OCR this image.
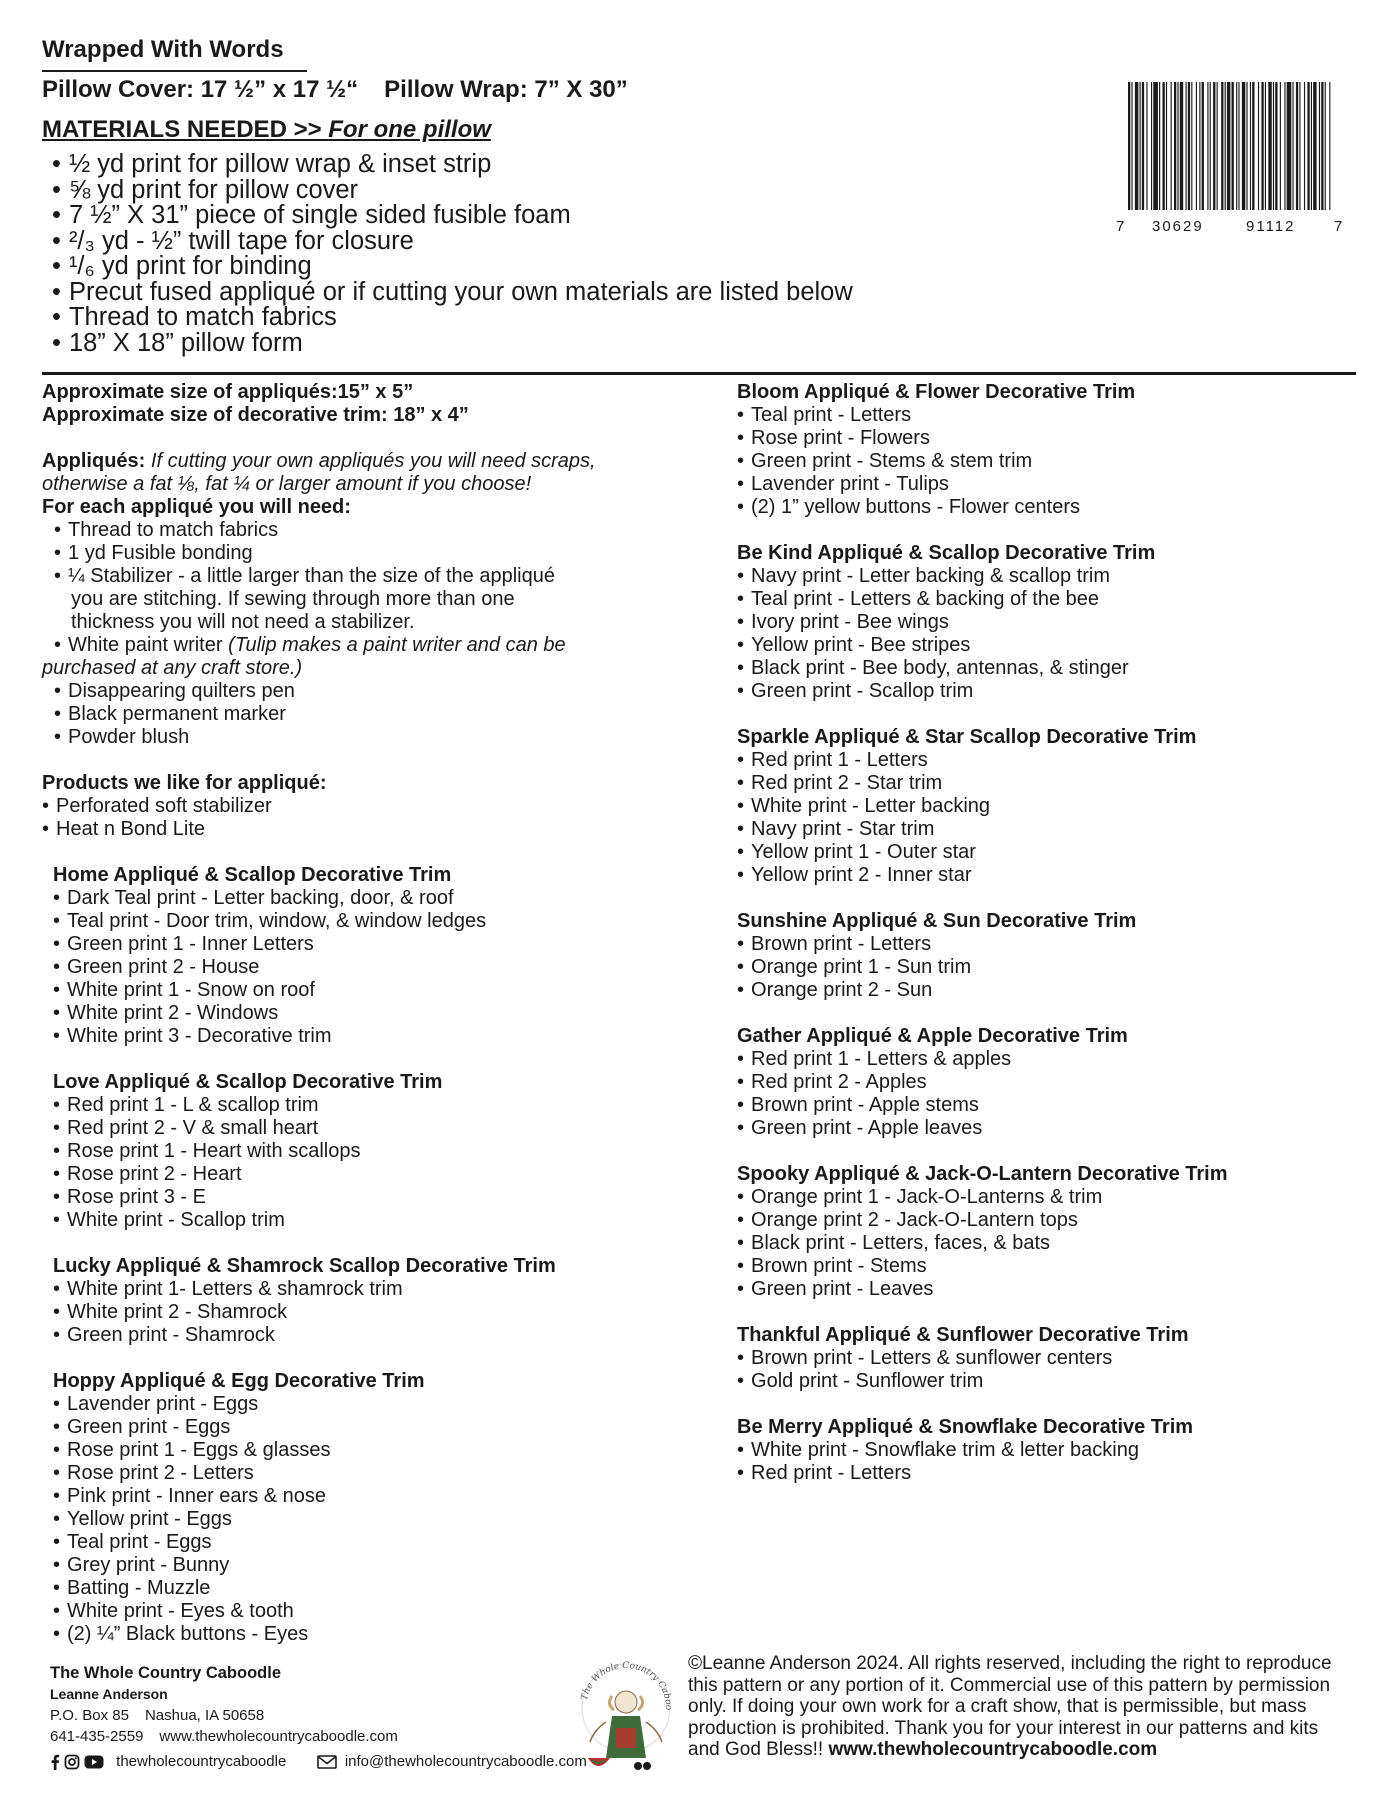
Wrapped With Words
Pillow Cover: 17 ½” x 17 ½“ Pillow Wrap: 7” X 30”
MATERIALS NEEDED >> For one pillow
• ½ yd print for pillow wrap & inset strip
• ⅝ yd print for pillow cover
• 7 ½” X 31” piece of single sided fusible foam
• ²/₃ yd - ½” twill tape for closure
• ¹/₆ yd print for binding
• Precut fused appliqué or if cutting your own materials are listed below
• Thread to match fabrics
• 18” X 18” pillow form
7 30629	91112	7
Approximate size of appliqués:15” x 5”
Approximate size of decorative trim: 18” x 4”
Appliqués: If cutting your own appliqués you will need scraps,
otherwise a fat ⅛, fat ¼ or larger amount if you choose!
For each appliqué you will need:
• Thread to match fabrics
• 1 yd Fusible bonding
• ¼ Stabilizer - a little larger than the size of the appliqué
you are stitching. If sewing through more than one
thickness you will not need a stabilizer.
• White paint writer (Tulip makes a paint writer and can be
purchased at any craft store.)
• Disappearing quilters pen
• Black permanent marker
• Powder blush
Products we like for appliqué:
• Perforated soft stabilizer
• Heat n Bond Lite
Home Appliqué & Scallop Decorative Trim
• Dark Teal print - Letter backing, door, & roof
• Teal print - Door trim, window, & window ledges
• Green print 1 - Inner Letters
• Green print 2 - House
• White print 1 - Snow on roof
• White print 2 - Windows
• White print 3 - Decorative trim
Love Appliqué & Scallop Decorative Trim
• Red print 1 - L & scallop trim
• Red print 2 - V & small heart
• Rose print 1 - Heart with scallops
• Rose print 2 - Heart
• Rose print 3 - E
• White print - Scallop trim
Lucky Appliqué & Shamrock Scallop Decorative Trim
• White print 1- Letters & shamrock trim
• White print 2 - Shamrock
• Green print - Shamrock
Hoppy Appliqué & Egg Decorative Trim
• Lavender print - Eggs
• Green print - Eggs
• Rose print 1 - Eggs & glasses
• Rose print 2 - Letters
• Pink print - Inner ears & nose
• Yellow print - Eggs
• Teal print - Eggs
• Grey print - Bunny
• Batting - Muzzle
• White print - Eyes & tooth
• (2) ¼” Black buttons - Eyes
Bloom Appliqué & Flower Decorative Trim
• Teal print - Letters
• Rose print - Flowers
• Green print - Stems & stem trim
• Lavender print - Tulips
• (2) 1” yellow buttons - Flower centers
Be Kind Appliqué & Scallop Decorative Trim
• Navy print - Letter backing & scallop trim
• Teal print - Letters & backing of the bee
• Ivory print - Bee wings
• Yellow print - Bee stripes
• Black print - Bee body, antennas, & stinger
• Green print - Scallop trim
Sparkle Appliqué & Star Scallop Decorative Trim
• Red print 1 - Letters
• Red print 2 - Star trim
• White print - Letter backing
• Navy print - Star trim
• Yellow print 1 - Outer star
• Yellow print 2 - Inner star
Sunshine Appliqué & Sun Decorative Trim
• Brown print - Letters
• Orange print 1 - Sun trim
• Orange print 2 - Sun
Gather Appliqué & Apple Decorative Trim
• Red print 1 - Letters & apples
• Red print 2 - Apples
• Brown print - Apple stems
• Green print - Apple leaves
Spooky Appliqué & Jack-O-Lantern Decorative Trim
• Orange print 1 - Jack-O-Lanterns & trim
• Orange print 2 - Jack-O-Lantern tops
• Black print - Letters, faces, & bats
• Brown print - Stems
• Green print - Leaves
Thankful Appliqué & Sunflower Decorative Trim
• Brown print - Letters & sunflower centers
• Gold print - Sunflower trim
Be Merry Appliqué & Snowflake Decorative Trim
• White print - Snowflake trim & letter backing
• Red print - Letters
The Whole Country Caboodle
Leanne Anderson
P.O. Box 85 Nashua, IA 50658
641-435-2559 www.thewholecountrycaboodle.com
thewholecountrycaboodle	info@thewholecountrycaboodle.com
The Whole Country Caboo
©Leanne Anderson 2024. All rights reserved, including the right to reproduce
this pattern or any portion of it. Commercial use of this pattern by permission
only. If doing your own work for a craft show, that is permissible, but mass
production is prohibited. Thank you for your interest in our patterns and kits
and God Bless!! www.thewholecountrycaboodle.com
